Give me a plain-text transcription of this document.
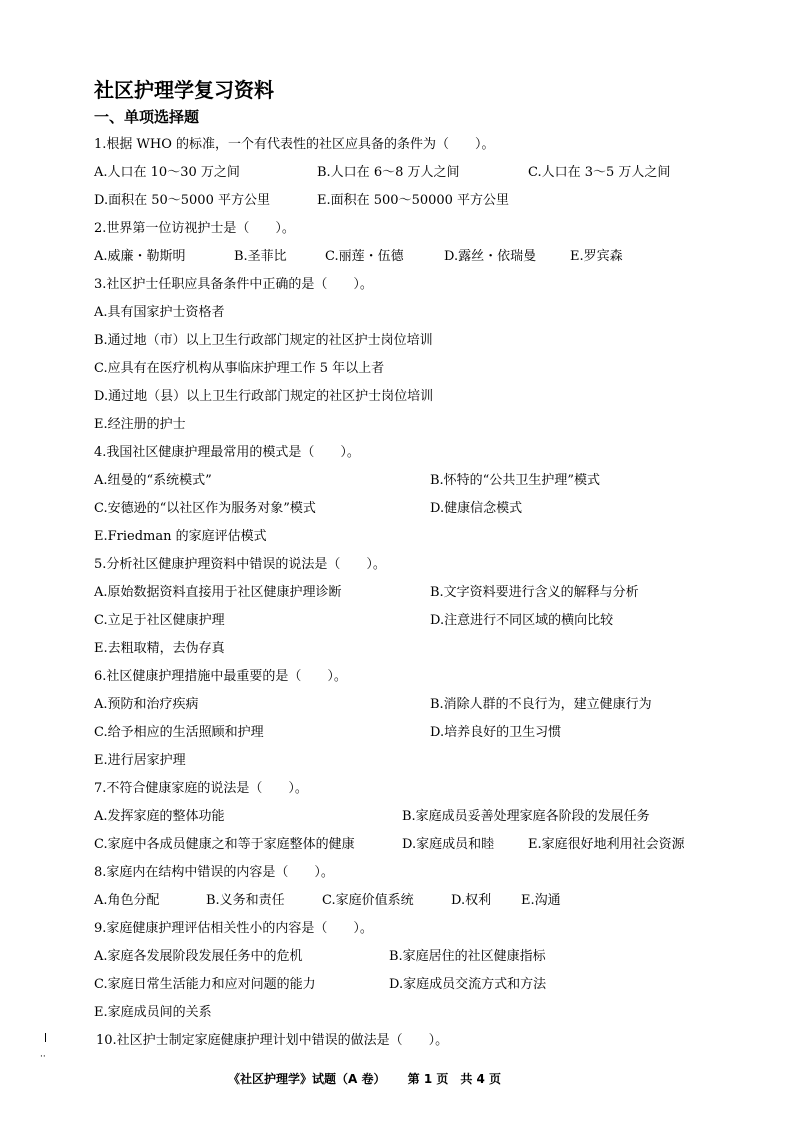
社区护理学复习资料
一、单项选择题
1.根据 WHO 的标准，一个有代表性的社区应具备的条件为（　　）。
A.人口在 10～30 万之间	B.人口在 6～8 万人之间	C.人口在 3～5 万人之间
D.面积在 50～5000 平方公里	E.面积在 500～50000 平方公里
2.世界第一位访视护士是（　　）。
A.威廉・勒斯明	B.圣菲比	C.丽莲・伍德	D.露丝・依瑞曼	E.罗宾森
3.社区护士任职应具备条件中正确的是（　　）。
A.具有国家护士资格者
B.通过地（市）以上卫生行政部门规定的社区护士岗位培训
C.应具有在医疗机构从事临床护理工作 5 年以上者
D.通过地（县）以上卫生行政部门规定的社区护士岗位培训
E.经注册的护士
4.我国社区健康护理最常用的模式是（　　）。
A.纽曼的“系统模式”	B.怀特的“公共卫生护理”模式
C.安德逊的“以社区作为服务对象”模式	D.健康信念模式
E.Friedman 的家庭评估模式
5.分析社区健康护理资料中错误的说法是（　　）。
A.原始数据资料直接用于社区健康护理诊断	B.文字资料要进行含义的解释与分析
C.立足于社区健康护理	D.注意进行不同区域的横向比较
E.去粗取精，去伪存真
6.社区健康护理措施中最重要的是（　　）。
A.预防和治疗疾病	B.消除人群的不良行为，建立健康行为
C.给予相应的生活照顾和护理	D.培养良好的卫生习惯
E.进行居家护理
7.不符合健康家庭的说法是（　　）。
A.发挥家庭的整体功能	B.家庭成员妥善处理家庭各阶段的发展任务
C.家庭中各成员健康之和等于家庭整体的健康	D.家庭成员和睦	E.家庭很好地利用社会资源
8.家庭内在结构中错误的内容是（　　）。
A.角色分配	B.义务和责任	C.家庭价值系统	D.权利 E.沟通
9.家庭健康护理评估相关性小的内容是（　　）。
A.家庭各发展阶段发展任务中的危机	B.家庭居住的社区健康指标
C.家庭日常生活能力和应对问题的能力	D.家庭成员交流方式和方法
E.家庭成员间的关系
10.社区护士制定家庭健康护理计划中错误的做法是（　　）。
··
《社区护理学》试题（A 卷）　　 第 1 页　共 4 页
